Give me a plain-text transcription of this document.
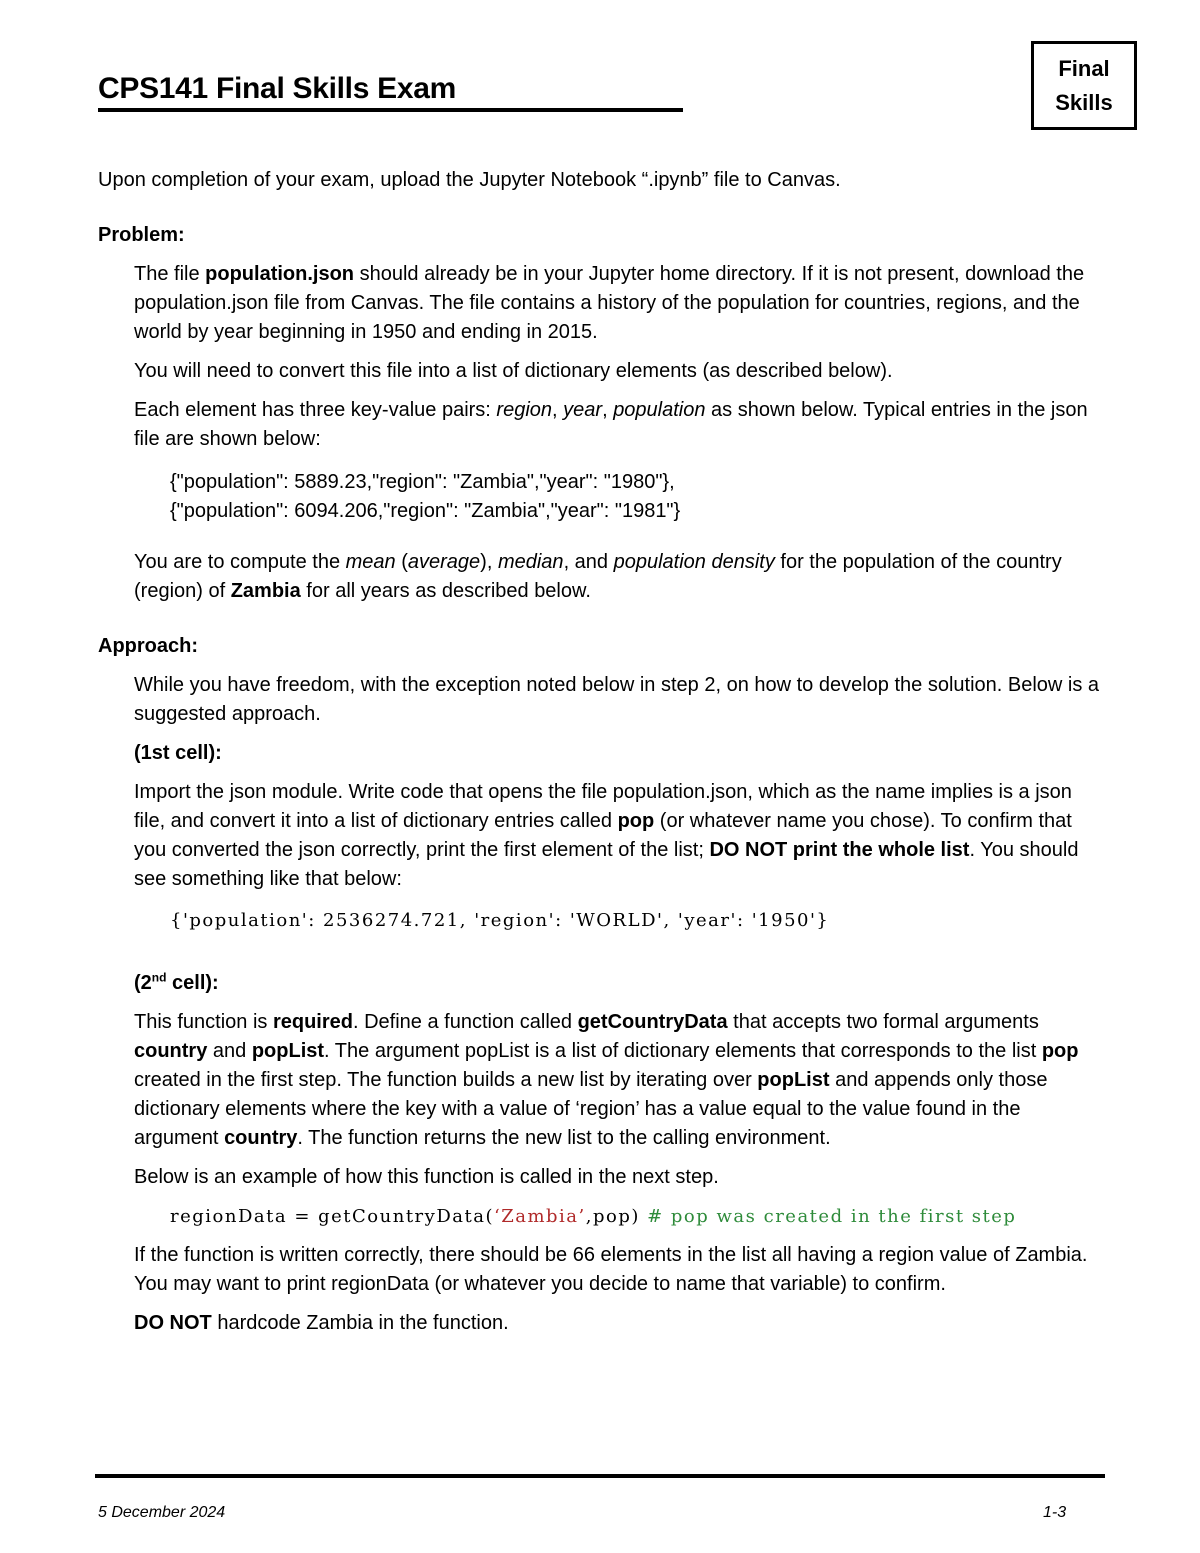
CPS141 Final Skills Exam
Final
Skills

Upon completion of your exam, upload the Jupyter Notebook “.ipynb” file to Canvas.

Problem:

The file population.json should already be in your Jupyter home directory. If it is not present, download the population.json file from Canvas. The file contains a history of the population for countries, regions, and the world by year beginning in 1950 and ending in 2015.

You will need to convert this file into a list of dictionary elements (as described below).

Each element has three key-value pairs: region, year, population as shown below. Typical entries in the json file are shown below:

{"population": 5889.23,"region": "Zambia","year": "1980"},
{"population": 6094.206,"region": "Zambia","year": "1981"}

You are to compute the mean (average), median, and population density for the population of the country (region) of Zambia for all years as described below.

Approach:

While you have freedom, with the exception noted below in step 2, on how to develop the solution. Below is a suggested approach.

(1st cell):

Import the json module. Write code that opens the file population.json, which as the name implies is a json file, and convert it into a list of dictionary entries called pop (or whatever name you chose). To confirm that you converted the json correctly, print the first element of the list; DO NOT print the whole list. You should see something like that below:

{'population': 2536274.721, 'region': 'WORLD', 'year': '1950'}

(2nd cell):

This function is required. Define a function called getCountryData that accepts two formal arguments country and popList. The argument popList is a list of dictionary elements that corresponds to the list pop created in the first step. The function builds a new list by iterating over popList and appends only those dictionary elements where the key with a value of ‘region’ has a value equal to the value found in the argument country. The function returns the new list to the calling environment.

Below is an example of how this function is called in the next step.

regionData = getCountryData(‘Zambia’,pop) # pop was created in the first step

If the function is written correctly, there should be 66 elements in the list all having a region value of Zambia. You may want to print regionData (or whatever you decide to name that variable) to confirm.

DO NOT hardcode Zambia in the function.

5 December 2024	1-3
